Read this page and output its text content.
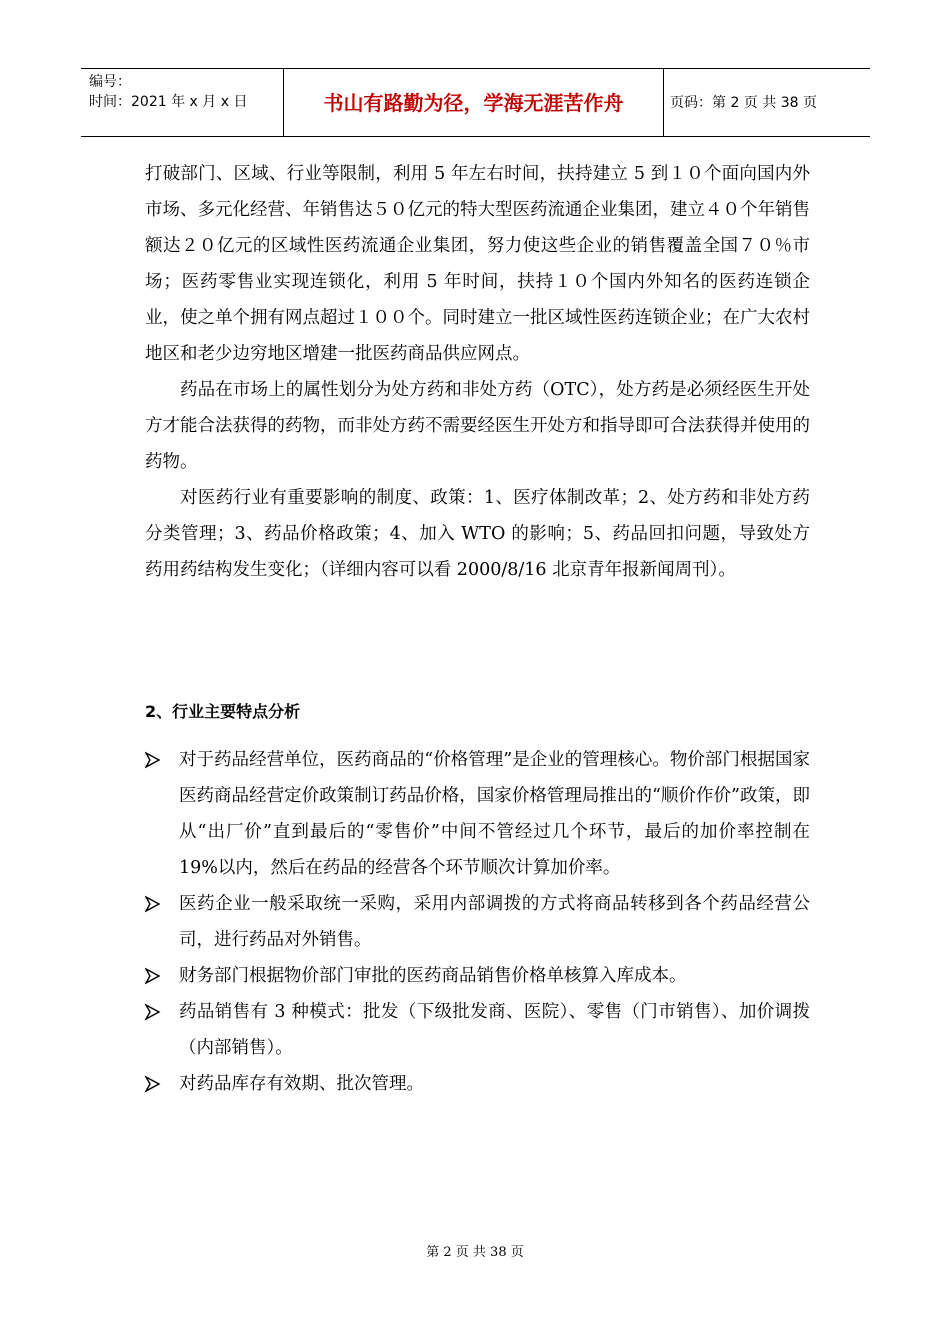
编号：
时间：2021 年 x 月 x 日	书山有路勤为径，学海无涯苦作舟	页码：第 2 页 共 38 页

打破部门、区域、行业等限制，利用 5 年左右时间，扶持建立 5 到１０个面向国内外市场、多元化经营、年销售达５０亿元的特大型医药流通企业集团，建立４０个年销售额达２０亿元的区域性医药流通企业集团，努力使这些企业的销售覆盖全国７０％市场；医药零售业实现连锁化，利用 5 年时间，扶持１０个国内外知名的医药连锁企业，使之单个拥有网点超过１００个。同时建立一批区域性医药连锁企业；在广大农村地区和老少边穷地区增建一批医药商品供应网点。

药品在市场上的属性划分为处方药和非处方药（OTC），处方药是必须经医生开处方才能合法获得的药物，而非处方药不需要经医生开处方和指导即可合法获得并使用的药物。

对医药行业有重要影响的制度、政策：1、医疗体制改革；2、处方药和非处方药分类管理；3、药品价格政策；4、加入 WTO 的影响；5、药品回扣问题，导致处方药用药结构发生变化；（详细内容可以看 2000/8/16 北京青年报新闻周刊）。

2、行业主要特点分析

对于药品经营单位，医药商品的“价格管理”是企业的管理核心。物价部门根据国家医药商品经营定价政策制订药品价格，国家价格管理局推出的“顺价作价”政策，即从“出厂价”直到最后的“零售价”中间不管经过几个环节，最后的加价率控制在 19%以内，然后在药品的经营各个环节顺次计算加价率。

医药企业一般采取统一采购，采用内部调拨的方式将商品转移到各个药品经营公司，进行药品对外销售。

财务部门根据物价部门审批的医药商品销售价格单核算入库成本。

药品销售有 3 种模式：批发（下级批发商、医院）、零售（门市销售）、加价调拨（内部销售）。

对药品库存有效期、批次管理。

第 2 页 共 38 页
